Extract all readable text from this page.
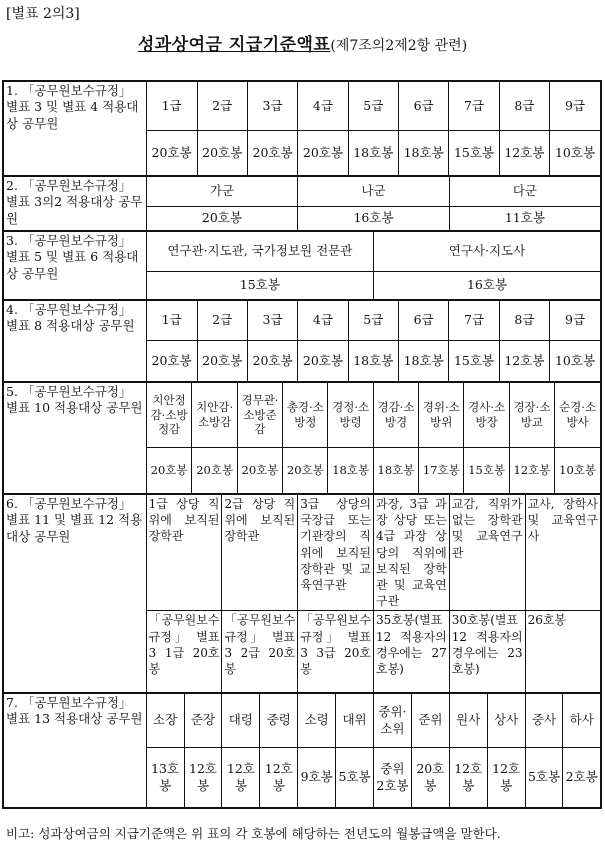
[별표 2의3]
성과상여금 지급기준액표(제7조의2제2항 관련)
1. 「공무원보수규정」 별표 3 및 별표 4 적용대상 공무원	
1급	2급	3급	4급	5급	6급	7급	8급	9급

20호봉	20호봉	20호봉	20호봉	18호봉	18호봉	15호봉	12호봉	10호봉

2. 「공무원보수규정」 별표 3의2 적용대상 공무원	가군	나군	다군
20호봉	16호봉	11호봉
3. 「공무원보수규정」 별표 5 및 별표 6 적용대상 공무원	연구관·지도관, 국가정보원 전문관	연구사·지도사
15호봉	16호봉
4. 「공무원보수규정」 별표 8 적용대상 공무원	1급	2급	3급	4급	5급	6급	7급	8급	9급

20호봉	20호봉	20호봉	20호봉	18호봉	18호봉	15호봉	12호봉	10호봉

5. 「공무원보수규정」 별표 10 적용대상 공무원	
치안정감·소방정감	치안감·소방감	경무관·소방준감	총경·소방정	경정·소방령	경감·소방경	경위·소방위	경사·소방장	경장·소방교	순경·소방사

20호봉	20호봉	20호봉	20호봉	18호봉	18호봉	17호봉	15호봉	12호봉	10호봉

6. 「공무원보수규정」 별표 11 및 별표 12 적용대상 공무원	1급 상당 직위에 보직된 장학관	2급 상당 직위에 보직된 장학관	3급 상당의 국장급 또는 기관장의 직위에 보직된 장학관 및 교육연구관	과장, 3급 과장 상당 또는 4급 과장 상당의 직위에 보직된 장학관 및 교육연구관	교감, 직위가 없는 장학관 및 교육연구관	교사, 장학사 및 교육연구사
「공무원보수규정」 별표 3 1급 20호봉	「공무원보수규정」 별표 3 2급 20호봉	「공무원보수규정」 별표 3 3급 20호봉	35호봉(별표 12 적용자의 경우에는 27호봉)	30호봉(별표 12 적용자의 경우에는 23호봉)	26호봉
7. 「공무원보수규정」 별표 13 적용대상 공무원	소장	준장	대령	중령	소령	대위	중위·소위	준위	원사	상사	중사	하사
13호봉	12호봉	12호봉	12호봉	9호봉	5호봉	중위 2호봉	20호봉	12호봉	12호봉	5호봉	2호봉
비고: 성과상여금의 지급기준액은 위 표의 각 호봉에 해당하는 전년도의 월봉급액을 말한다.
